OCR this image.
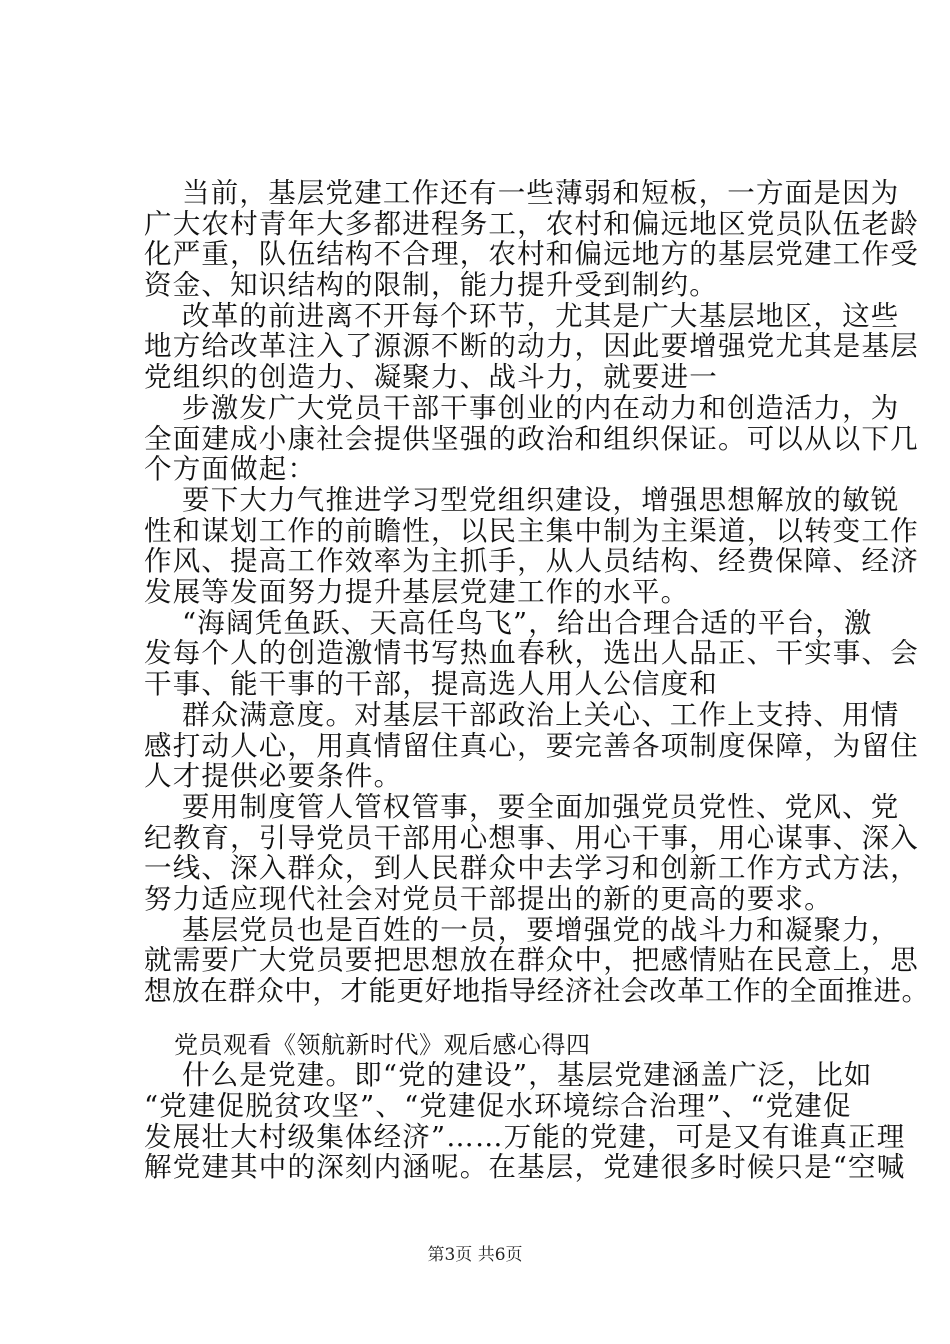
当前，基层党建工作还有一些薄弱和短板，一方面是因为
广大农村青年大多都进程务工，农村和偏远地区党员队伍老龄
化严重，队伍结构不合理，农村和偏远地方的基层党建工作受
资金、知识结构的限制，能力提升受到制约。
改革的前进离不开每个环节，尤其是广大基层地区，这些
地方给改革注入了源源不断的动力，因此要增强党尤其是基层
党组织的创造力、凝聚力、战斗力，就要进一
步激发广大党员干部干事创业的内在动力和创造活力，为
全面建成小康社会提供坚强的政治和组织保证。可以从以下几
个方面做起：
要下大力气推进学习型党组织建设，增强思想解放的敏锐
性和谋划工作的前瞻性，以民主集中制为主渠道，以转变工作
作风、提高工作效率为主抓手，从人员结构、经费保障、经济
发展等发面努力提升基层党建工作的水平。
“海阔凭鱼跃、天高任鸟飞”，给出合理合适的平台，激
发每个人的创造激情书写热血春秋，选出人品正、干实事、会
干事、能干事的干部，提高选人用人公信度和
群众满意度。对基层干部政治上关心、工作上支持、用情
感打动人心，用真情留住真心，要完善各项制度保障，为留住
人才提供必要条件。
要用制度管人管权管事，要全面加强党员党性、党风、党
纪教育，引导党员干部用心想事、用心干事，用心谋事、深入
一线、深入群众，到人民群众中去学习和创新工作方式方法，
努力适应现代社会对党员干部提出的新的更高的要求。
基层党员也是百姓的一员，要增强党的战斗力和凝聚力，
就需要广大党员要把思想放在群众中，把感情贴在民意上，思
想放在群众中，才能更好地指导经济社会改革工作的全面推进。
党员观看《领航新时代》观后感心得四
什么是党建。即“党的建设”，基层党建涵盖广泛，比如
“党建促脱贫攻坚”、“党建促水环境综合治理”、“党建促
发展壮大村级集体经济”……万能的党建，可是又有谁真正理
解党建其中的深刻内涵呢。在基层，党建很多时候只是“空喊
第3页 共6页
